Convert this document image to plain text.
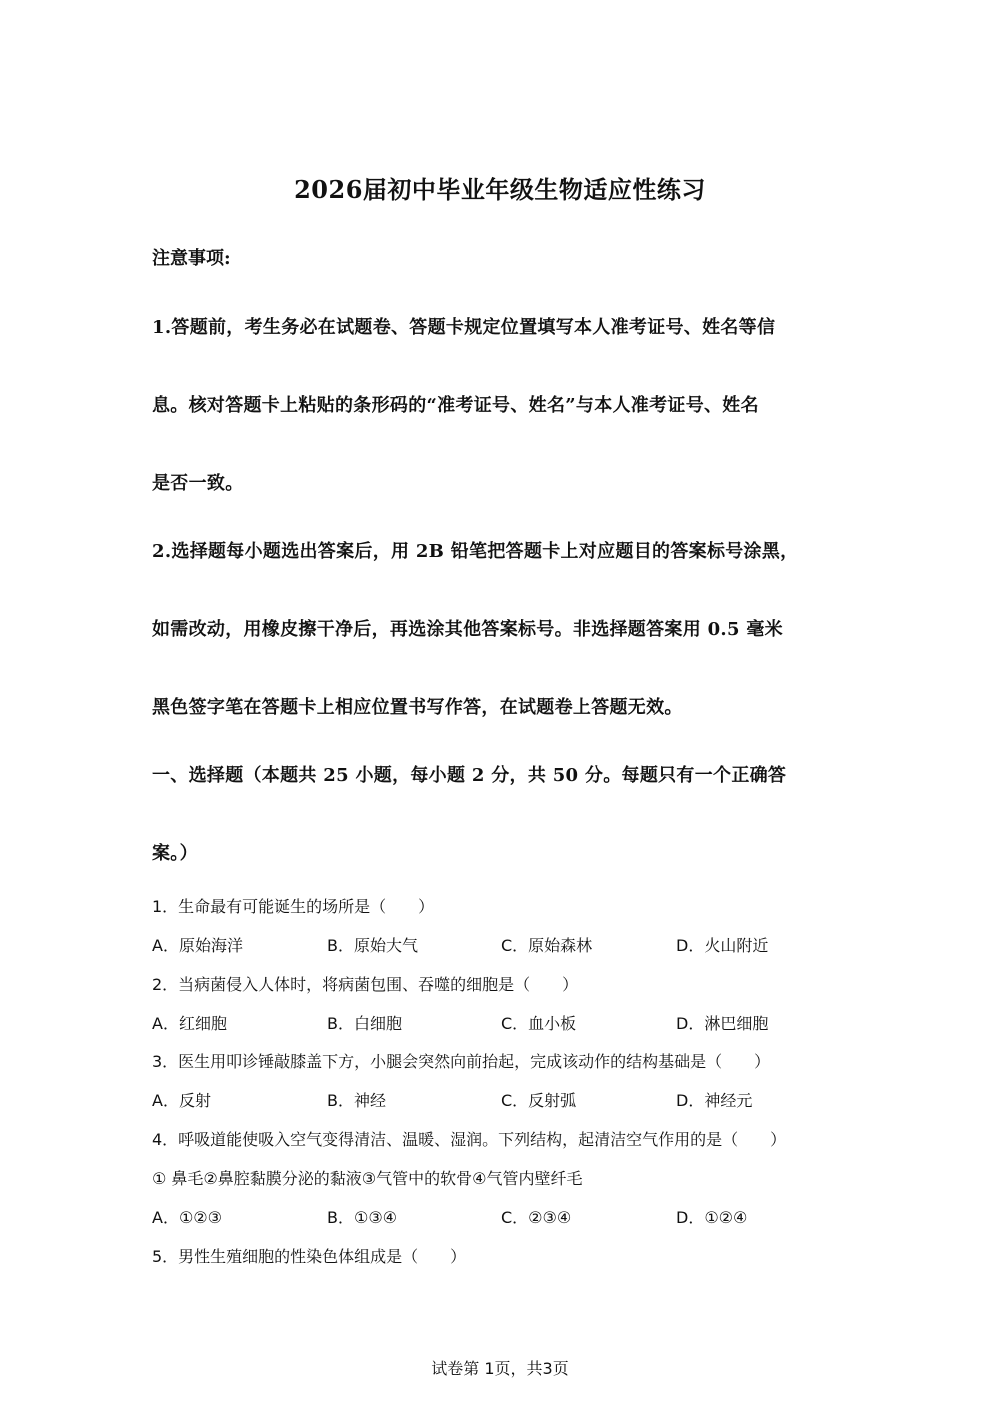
2026届初中毕业年级生物适应性练习
注意事项:
1.答题前，考生务必在试题卷、答题卡规定位置填写本人准考证号、姓名等信
息。核对答题卡上粘贴的条形码的“准考证号、姓名”与本人准考证号、姓名
是否一致。
2.选择题每小题选出答案后，用 2B 铅笔把答题卡上对应题目的答案标号涂黑，
如需改动，用橡皮擦干净后，再选涂其他答案标号。非选择题答案用 0.5 毫米
黑色签字笔在答题卡上相应位置书写作答，在试题卷上答题无效。
一、选择题（本题共 25 小题，每小题 2 分，共 50 分。每题只有一个正确答
案。）
1．生命最有可能诞生的场所是（　　）
A．原始海洋	B．原始大气	C．原始森林	D．火山附近
2．当病菌侵入人体时，将病菌包围、吞噬的细胞是（　　）
A．红细胞	B．白细胞	C．血小板	D．淋巴细胞
3．医生用叩诊锤敲膝盖下方，小腿会突然向前抬起，完成该动作的结构基础是（　　）
A．反射	B．神经	C．反射弧	D．神经元
4．呼吸道能使吸入空气变得清洁、温暖、湿润。下列结构，起清洁空气作用的是（　　）
① 鼻毛②鼻腔黏膜分泌的黏液③气管中的软骨④气管内壁纤毛
A．①②③	B．①③④	C．②③④	D．①②④
5．男性生殖细胞的性染色体组成是（　　）
试卷第 1页，共3页
